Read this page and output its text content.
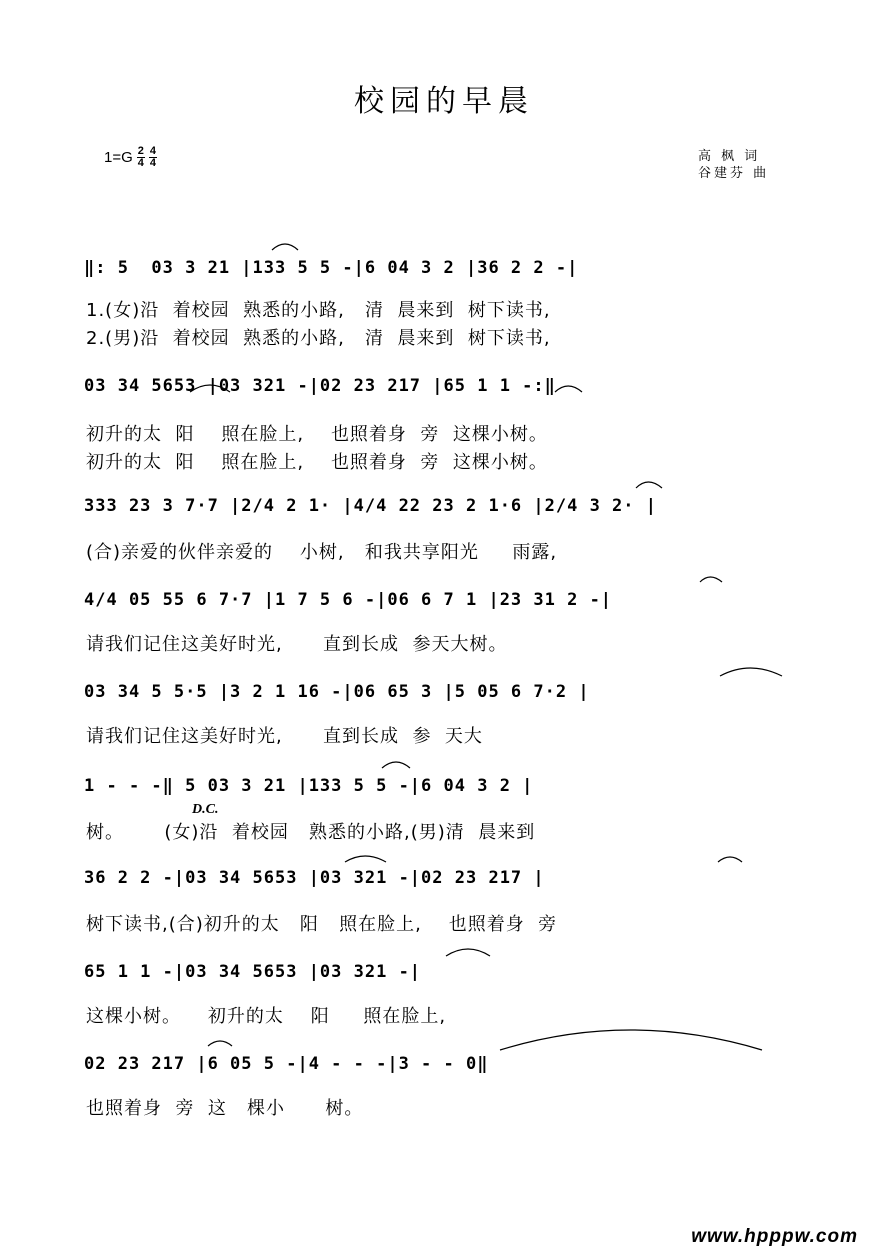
校园的早晨
$1=G \frac{2}{4} \frac{4}{4}$	高 枫 词
谷建芬 曲
‖: 5  03 3 21 |133 5 5 -|6 04 3 2 |36 2 2 -|
1.(女)沿  着校园  熟悉的小路,   清  晨来到  树下读书,
2.(男)沿  着校园  熟悉的小路,   清  晨来到  树下读书,
03 34 5653 |03 321 -|02 23 217 |65 1 1 -:‖
初升的太  阳    照在脸上,    也照着身  旁  这棵小树。
初升的太  阳    照在脸上,    也照着身  旁  这棵小树。
333 23 3 7·7 |2/4 2 1· |4/4 22 23 2 1·6 |2/4 3 2· |
(合)亲爱的伙伴亲爱的    小树,   和我共享阳光     雨露,
4/4 05 55 6 7·7 |1 7 5 6 -|06 6 7 1 |23 31 2 -|
请我们记住这美好时光,      直到长成  参天大树。
03 34 5 5·5 |3 2 1 16 -|06 65 3 |5 05 6 7·2 |
请我们记住这美好时光,      直到长成  参  天大
1 - - -‖ 5 03 3 21 |133 5 5 -|6 04 3 2 |
D.C.
树。      (女)沿  着校园   熟悉的小路,(男)清  晨来到
36 2 2 -|03 34 5653 |03 321 -|02 23 217 |
树下读书,(合)初升的太   阳   照在脸上,    也照着身  旁
65 1 1 -|03 34 5653 |03 321 -|
这棵小树。    初升的太    阳     照在脸上,
02 23 217 |6 05 5 -|4 - - -|3 - - 0‖
也照着身  旁  这   棵小      树。
www.hpppw.com
